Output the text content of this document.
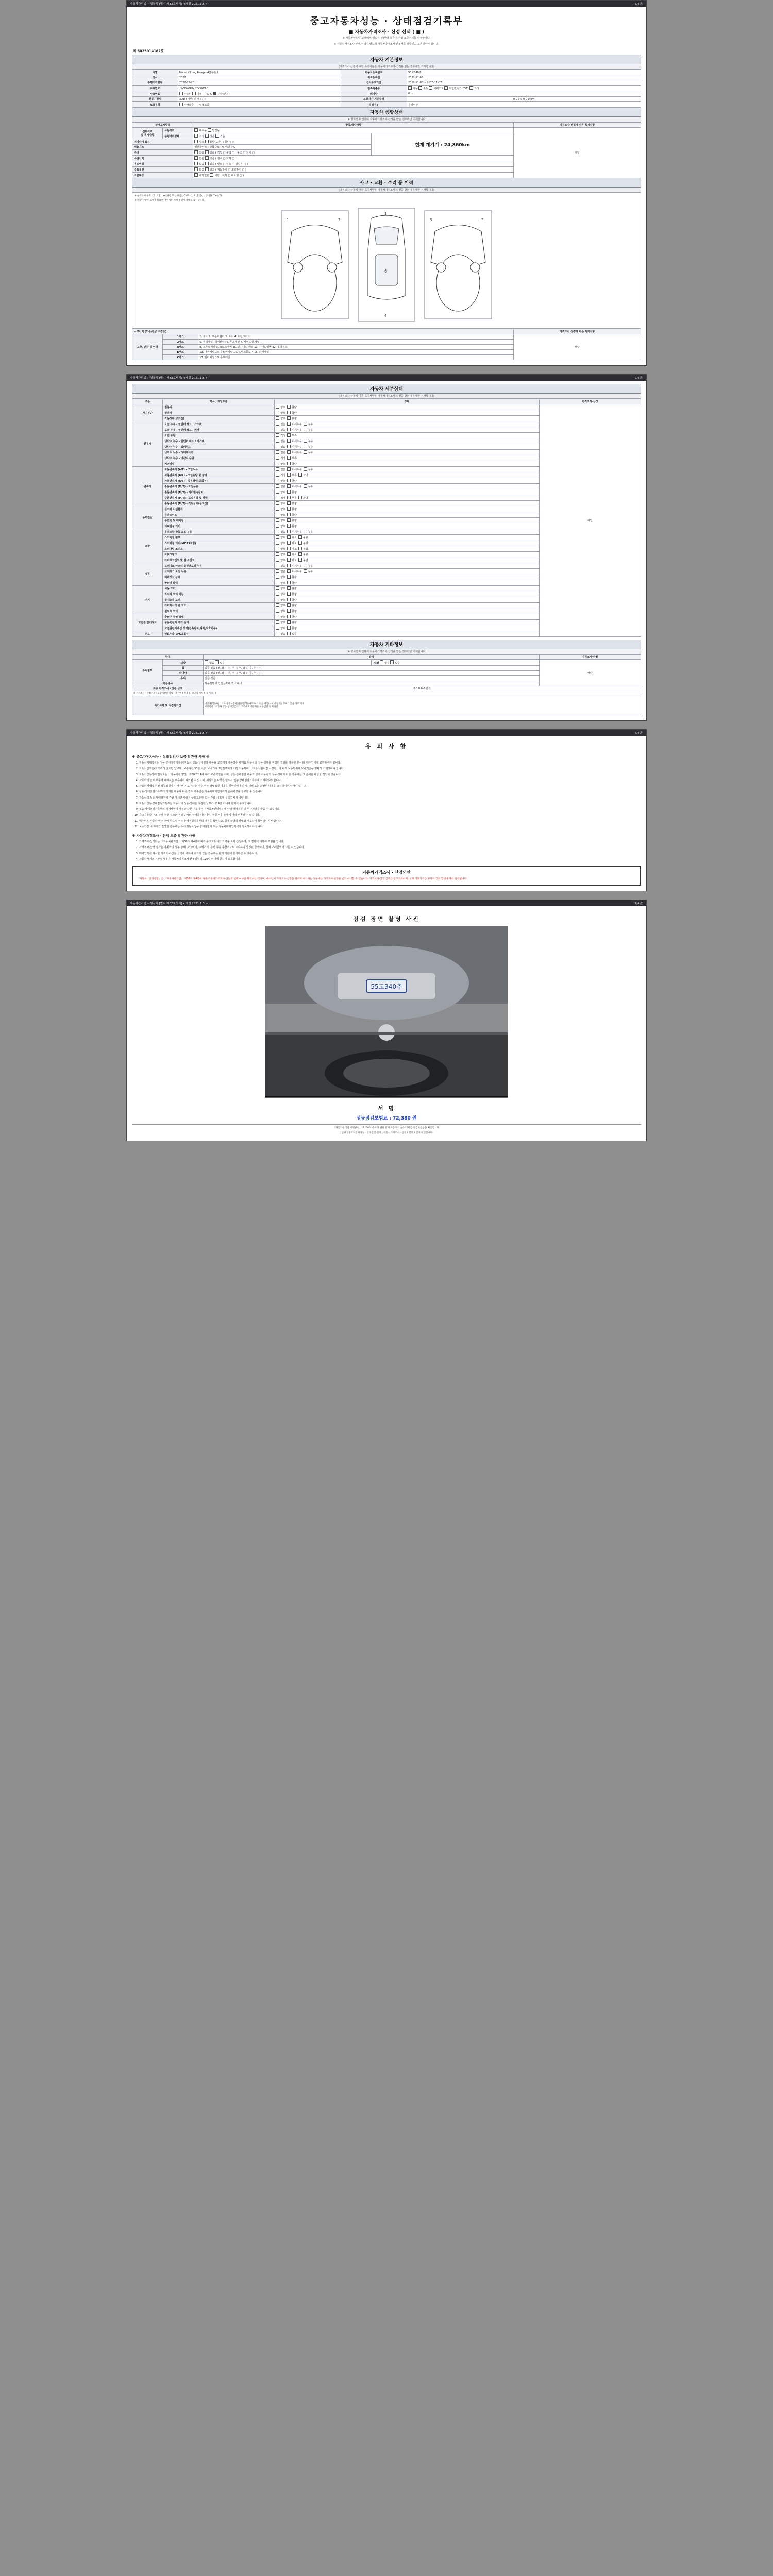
자동차관리법 시행규칙 [별지 제82호서식] <개정 2021.1.5.>	(1/4면)
중고자동차성능 · 상태점검기록부
■ 자동차가격조사 · 산정 선택 ( ■ )
※ 자동차인도일(고객에게 인도된 날)부터 보증기간 및 보증거리를 산정합니다.
※ 자동차가격조사·산정 선택시 별도의 자동차가격조사·산정서를 발급하고 보존하여야 합니다.
제 6025014162호
자동차 기본정보
(가격조사·산정에 대한 특기사항은 자동차가격조사·산정을 받는 경우에만 기재합니다)
차명	Model Y Long Range (4륜구동 )	자동차등록번호	55고340추
연식	2022	최초등록일	2022-11-08
주행거리현황	2022-11-28	검사유효기간	2022-11-08 ~ 2026-11-07
차대번호	7SAYGDEE7NF069937	변속기종류	자동 수동 세미오토 무단변속기(CVT) 기타
사용연료	가솔린 디젤 LPG 기타(전기)	배기량	0 cc
원동기형식	3D1(3세부: 전 세부: 전)	보증기간 기준주행	0 0 0 0 0 0 0 km
보증유형	자가보증 업체보증	주행여부	운행여부
자동차 종합상태
(※ 항목별 확인하여 자동차가격조사·산정을 받는 경우에만 기재합니다)
상태표시항목		항목/해당사항		가격조사·산정에 따른 특기사항
전체이력
및 특기사항	사용이력	대여용 영업용		해당
	주행거리상태	적정 많음 적음	현재 계기기 : 24,860km	
계기상태 표시		양호 불량(교환 □ 불량 □)		
배출가스		일산화탄소 : 탄화수소 : % 매연 : %		
튜닝		없음 있음 ( 적법 □ 불법 □ ) 구조 □ 장치 □		
특별이력		없음 있음 ( 침수 □ 화재 □ )		
용도변경		없음 있음 ( 렌트 □ 리스 □ 영업용 □ )		
주요옵션		없음 있음 ( 제동장치 □ 조향장치 □ )		
리콜대상		해당없음 해당 ( 이행 □ 미이행 □ )		
사고 · 교환 · 수리 등 이력
(가격조사·산정에 대한 특기사항은 자동차가격조사·산정을 받는 경우에만 기재합니다)
※ 상태표시 부호 : X (교환), W (판금 또는 용접), C (부식), A (흠집), U (요철), T (손상)
※ 차량 상태에 표시가 필요한 경우에는 기재 부위에 상태를 표시합니다.
1	2
6
1
4
3	5
사고이력 (외부/판금 수정등)			가격조사·산정에 따른 특기사항
교환, 판금 등 이력	1랭크	1. 후드 2. 프론트휀더 3. 도어 4. 트렁크리드	해당
	2랭크	5. 쿼터패널 (리어휀더) 6. 루프패널 7. 사이드실 패널	
	A랭크	8. 프론트패널 9. 크로스멤버 10. 인사이드 패널 11. 사이드멤버 12. 휠하우스	
	B랭크	13. 대쉬패널 14. 플로어패널 15. 트렁크플로어 16. 리어패널	
	C랭크	17. 필러패널 18. 루프레일	
자동차관리법 시행규칙 [별지 제82호서식] <개정 2021.1.5.>	(2/4면)
자동차 세부상태
(가격조사·산정에 따른 특기사항은 자동차가격조사·산정을 받는 경우에만 기재합니다)
구분	항목 / 해당부품	상태	가격조사·산정
자기진단	원동기	양호  불량	해당
	변속기	양호  불량	
	작동상태(공회전)	양호  불량	
원동기	오일 누유 - 실린더 헤드 / 가스켓	없음  미세누유  누유	
	오일 누유 - 실린더 헤드 / 커버	없음  미세누유  누유	
	오일 유량	적정  부족	
	냉각수 누수 - 실린더 헤드 / 가스켓	없음  미세누수  누수	
	냉각수 누수 - 워터펌프	없음  미세누수  누수	
	냉각수 누수 - 라디에이터	없음  미세누수  누수	
	냉각수 누수 - 냉각수 수량	적정  부족	
	커먼레일	양호  불량	
변속기	자동변속기 (A/T) - 오일누유	없음  미세누유  누유	
	자동변속기 (A/T) - 오일유량 및 상태	적정  부족  과다	
	자동변속기 (A/T) - 작동상태(공회전)	양호  불량	
	수동변속기 (M/T) - 오일누유	없음  미세누유  누유	
	수동변속기 (M/T) - 기어변속장치	양호  불량	
	수동변속기 (M/T) - 오일유량 및 상태	적정  부족  과다	
	수동변속기 (M/T) - 작동상태(공회전)	양호  불량	
동력전달	클러치 어셈블리	양호  불량	
	등속조인트	양호  불량	
	추진축 및 베어링	양호  불량	
	디퍼렌셜 기어	양호  불량	
조향	동력조향 작동 오일 누유	없음  미세누유  누유	
	스티어링 펌프	양호  마모  불량	
	스티어링 기어(MDPS포함)	양호  마모  불량	
	스티어링 조인트	양호  마모  불량	
	파워크랭크	양호  마모  불량	
	타이로드엔드 및 볼 조인트	양호  마모  불량	
제동	브레이크 마스터 실린더오일 누유	없음  미세누유  누유	
	브레이크 오일 누유	없음  미세누유  누유	
	배력장치 상태	양호  불량	
	발전기 출력	양호  불량	
전기	시동 모터	양호  불량	
	와이퍼 모터 기능	양호  불량	
	실내송풍 모터	양호  불량	
	라디에이터 팬 모터	양호  불량	
	윈도우 모터	양호  불량	
고전원 전기장치	충전구 절연 상태	양호  불량	
	구동축전지 격리 상태	양호  불량	
	고전원전기배선 상태(접속단자,피복,보호기구)	양호  불량	
연료	연료누출(LPG포함)	없음  있음	
자동차 기타정보
(※ 항목별 확인하여 자동차가격조사·산정을 받는 경우에만 기재합니다)
항목		상태		가격조사·산정
수리필요	외장	없음 있음	내장 없음 있음	해당
	휠	없음 있음 (전, 좌 □ 전, 우 □ 후, 좌 □ 후, 우 □)		
	타이어	없음 있음 (전, 좌 □ 전, 우 □ 후, 좌 □ 후, 우 □)		
	유리	없음 있음		
기본품목		사용설명서 안전삼각대 잭 스패너		
최종 가격조사 · 산정 금액		0 0 0 0 0 만원		
※ 가격조사 · 산정기준 : 보험개발원 차량기준가액 ( 적용 ) / 중고차 시세 ( ) / 기타 ( )				
특기사항 및 점검자의견		비공개(성능/평가기록/품질보증/불법유형/성능내역 미기재 등 책임/사고 유형 등) 정보가 있을 경우 기재
보증범위 : 자동차 성능·상태점검자가 고객에게 제공하는 보증범위 등 표기란		
자동차관리법 시행규칙 [별지 제82호서식] <개정 2021.1.5.>	(3/4면)
유 의 사 항
※ 중고자동차성능 · 상태점검자 보증에 관한 사항 등
1. 자동차매매업자는 성능·상태점검기록부(자동차 성능·상태점검 내용을 고객에게 제공하는 매매용 자동차의 성능·상태를 점검한 결과를 기록한 문서)를 매수인에게 교부하여야 합니다.
2. 자동차인도일(고객에게 인도된 날)부터 보증기간 30일 이상, 보증거리 2천킬로미터 이상 적용하며, 「자동차관리법 시행령」에 따라 보증범위와 보증기간을 명확히 기재하여야 합니다.
3. 자동차성능상태 점검자는 「자동차관리법」 제58조의4에 따라 보증책임을 지며, 성능·상태점검 내용과 실제 자동차의 성능·상태가 다른 경우에는 그 손해를 배상할 책임이 있습니다.
4. 자동차의 일부 부품에 대해서는 보증에서 제외될 수 있으며, 제외되는 사항은 반드시 성능·상태점검기록부에 기재하여야 합니다.
5. 자동차매매업자 및 성능점검자는 매수인이 요구하는 경우 성능·상태점검 내용을 설명하여야 하며, 허위 또는 과장된 내용을 고지하여서는 아니 됩니다.
6. 성능·상태점검기록부에 기재된 내용과 다른 경우 매수인은 자동차매매업자에게 손해배상을 청구할 수 있습니다.
7. 자동차의 성능·상태점검에 관한 자세한 사항은 국토교통부 또는 관할 시·도에 문의하시기 바랍니다.
8. 자동차성능·상태점검기록부는 자동차의 성능·상태를 점검한 날부터 120일 이내에 한하여 유효합니다.
9. 성능·상태점검기록부의 기재사항이 사실과 다른 경우에는 「자동차관리법」에 따라 행정처분 및 형사처벌을 받을 수 있습니다.
10. 중고자동차 구조·장치 점검 결과는 점검 당시의 상태를 나타내며, 점검 이후 운행에 따라 변동될 수 있습니다.
11. 매수인은 자동차 인수 전에 반드시 성능·상태점검기록부의 내용을 확인하고, 실제 차량의 상태와 비교하여 확인하시기 바랍니다.
12. 보증기간 내 하자가 발생한 경우에는 즉시 자동차성능·상태점검자 또는 자동차매매업자에게 통보하여야 합니다.
※ 자동차가격조사 · 산정 보증에 관한 사항
1. 가격조사·산정자는 「자동차관리법」 제58조 제4항에 따라 중고자동차의 가격을 조사·산정하며, 그 결과에 대하여 책임을 집니다.
2. 가격조사·산정 결과는 자동차의 성능·상태, 사고이력, 주행거리, 옵션 등을 종합적으로 고려하여 산정된 금액이며, 실제 거래금액과 다를 수 있습니다.
3. 매매업자가 제시한 가격조사·산정 금액에 대하여 이의가 있는 경우에는 관계 기관에 문의하실 수 있습니다.
4. 자동차가격조사·산정 내용은 자동차가격조사·산정일부터 120일 이내에 한하여 유효합니다.
자동차가격조사 · 산정의안
「자동차 · 산정방법」은 「자동차관리법」 제58조 제4항에 따른 자동차가격조사·산정의 선택 여부를 확인하는 것이며, 매수인이 가격조사·산정을 원하지 아니하는 경우에는 가격조사·산정을 받지 아니할 수 있습니다. 가격조사·산정 금액은 참고자료이며, 실제 거래가격은 당사자 간의 합의에 따라 결정됩니다.
자동차관리법 시행규칙 [별지 제82호서식] <개정 2021.1.5.>	(4/4면)
점검 장면 촬영 사진
55고340추
서 명
성능점검보험료 : 72,380 원
「자동차관리법 시행규칙」 제120조에 따라 위와 같이 자동차의 성능·상태를 점검하였음을 확인합니다.
[ 단위 ] 중고자동차성능 · 상태점검 결과 | 자동차가격조사 · 산정 ( 선택 ) 결과 확인합니다.
